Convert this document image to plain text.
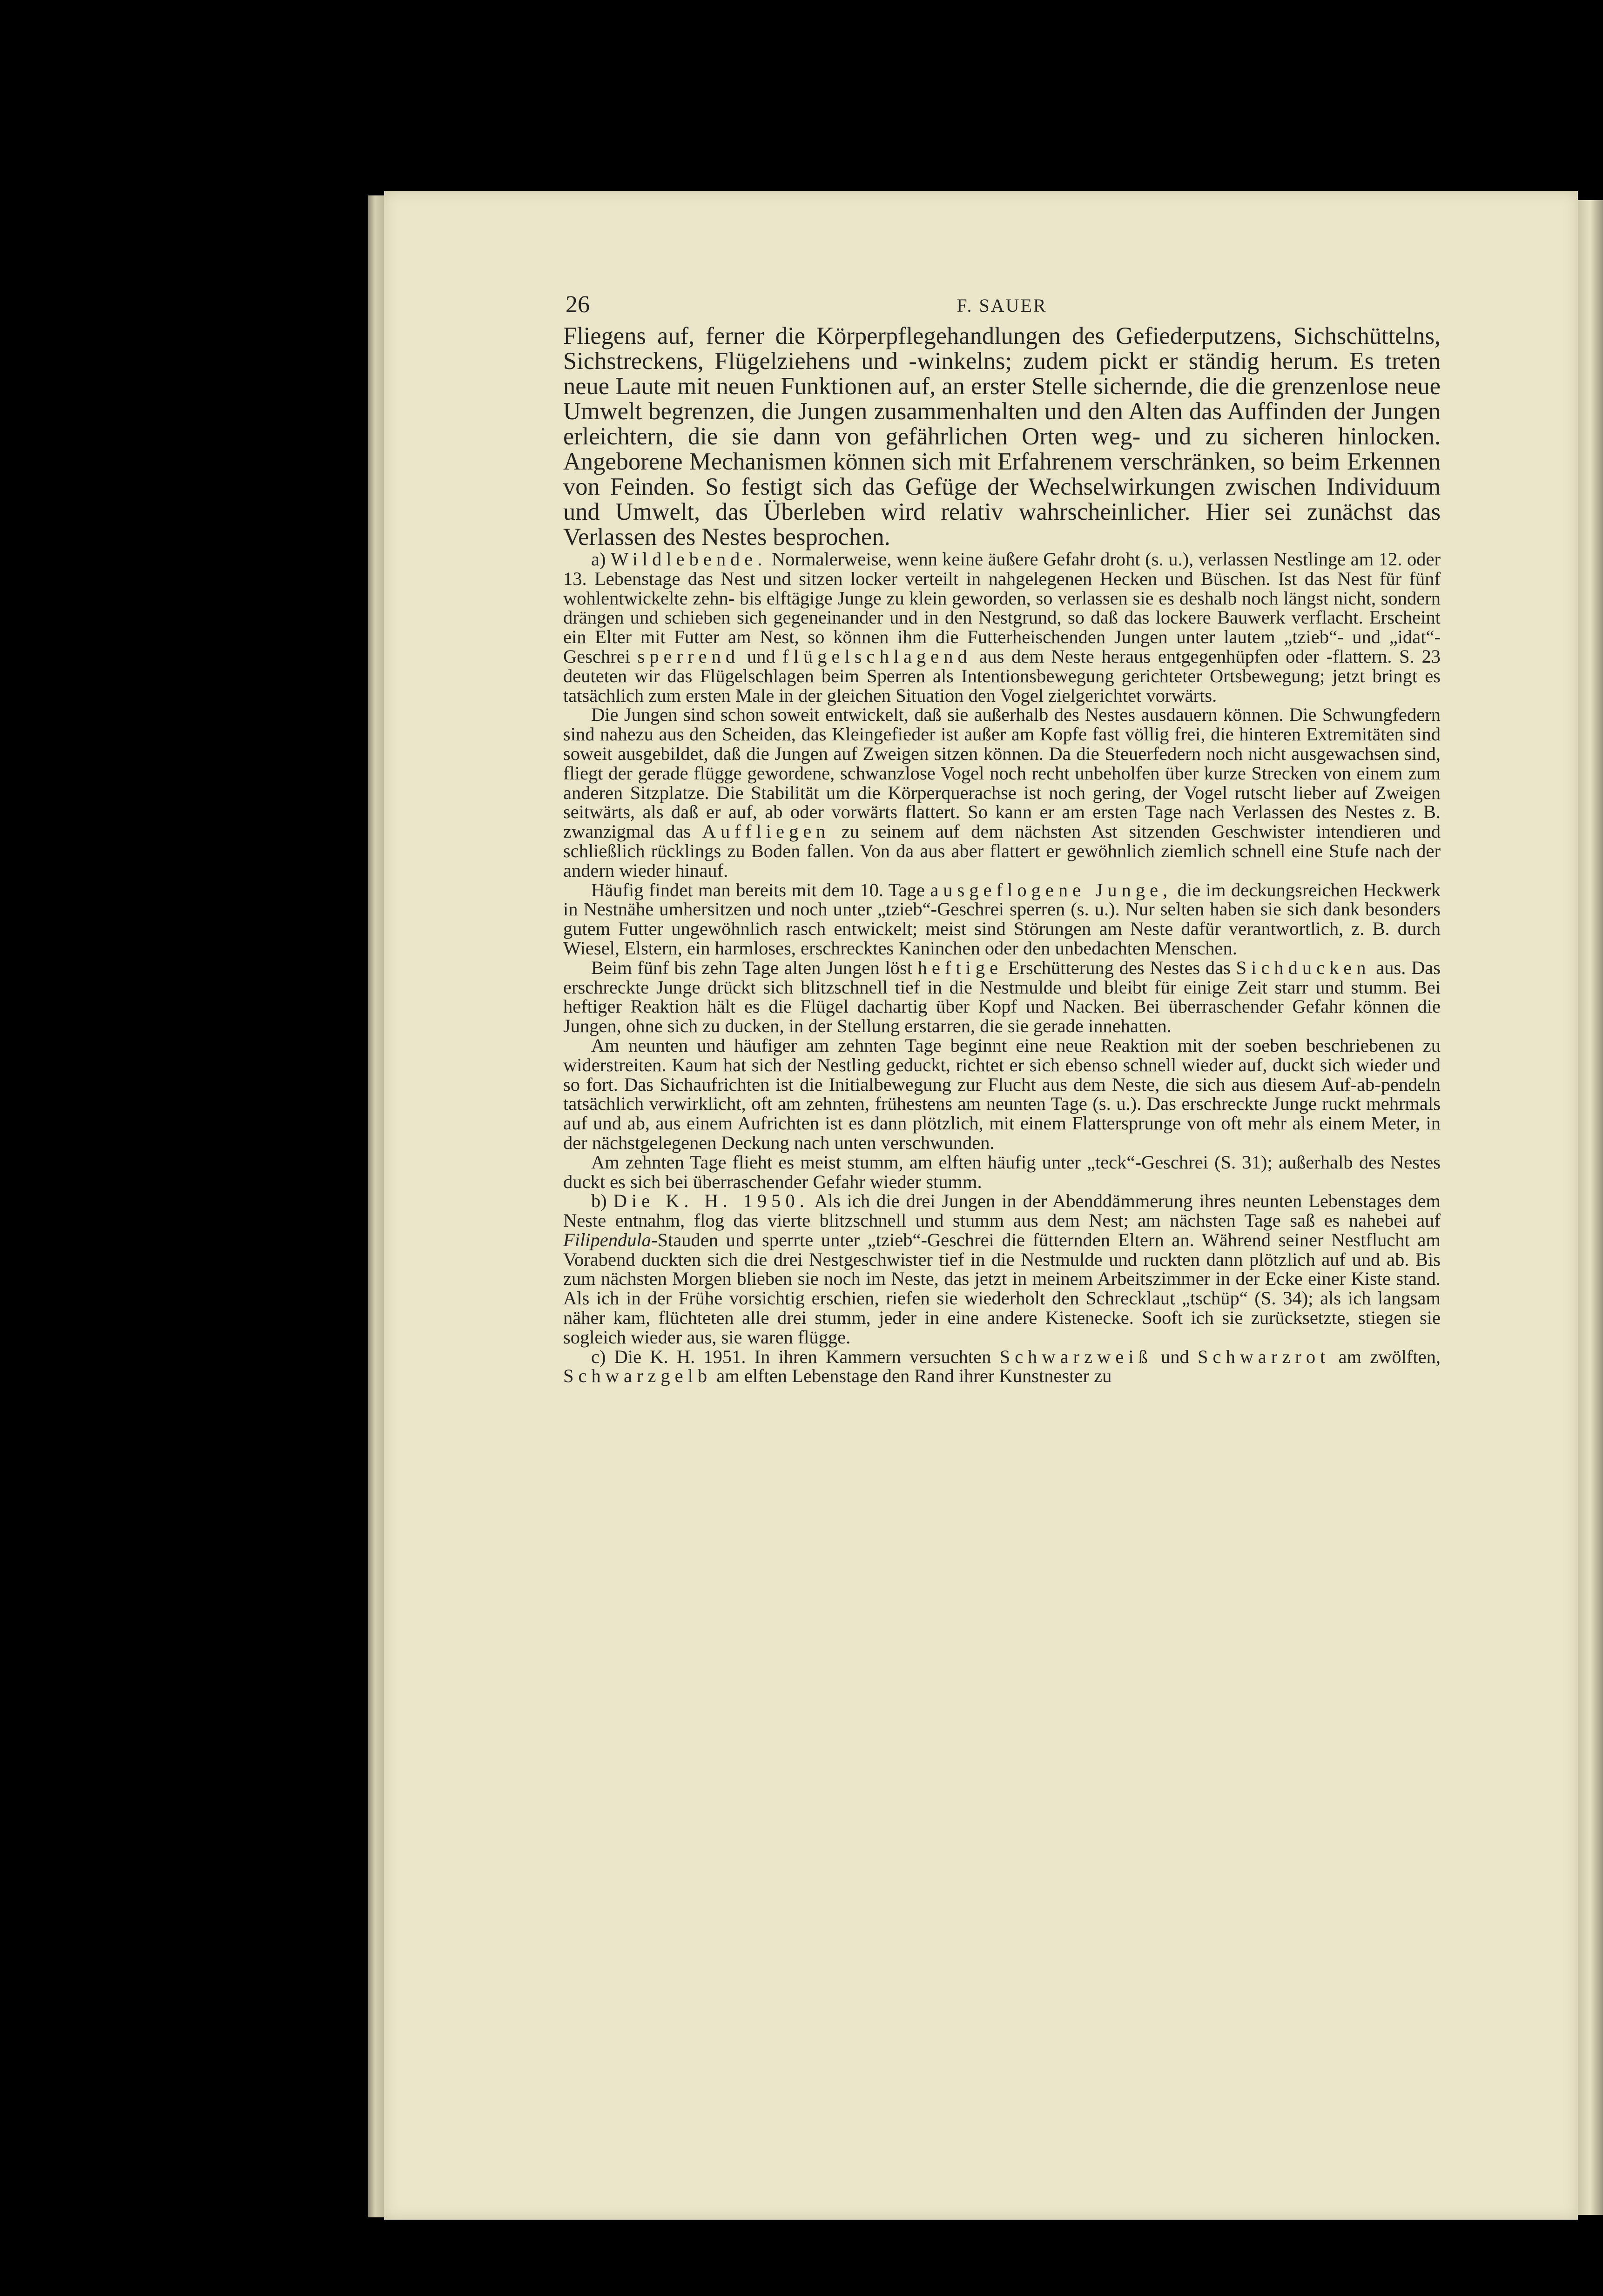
26	F. SAUER

Fliegens auf, ferner die Körperpflegehandlungen des Gefiederputzens, Sichschüttelns, Sichstreckens, Flügelziehens und -winkelns; zudem pickt er ständig herum. Es treten neue Laute mit neuen Funktionen auf, an erster Stelle sichernde, die die grenzenlose neue Umwelt begrenzen, die Jungen zusammenhalten und den Alten das Auffinden der Jungen erleichtern, die sie dann von gefährlichen Orten weg- und zu sicheren hinlocken. Angeborene Mechanismen können sich mit Erfahrenem verschränken, so beim Erkennen von Feinden. So festigt sich das Gefüge der Wechselwirkungen zwischen Individuum und Umwelt, das Überleben wird relativ wahrscheinlicher. Hier sei zunächst das Verlassen des Nestes besprochen.

a) Wildlebende. Normalerweise, wenn keine äußere Gefahr droht (s. u.), verlassen Nestlinge am 12. oder 13. Lebenstage das Nest und sitzen locker verteilt in nahgelegenen Hecken und Büschen. Ist das Nest für fünf wohlentwickelte zehn- bis elftägige Junge zu klein geworden, so verlassen sie es deshalb noch längst nicht, sondern drängen und schieben sich gegeneinander und in den Nestgrund, so daß das lockere Bauwerk verflacht. Erscheint ein Elter mit Futter am Nest, so können ihm die Futterheischenden Jungen unter lautem „tzieb“- und „idat“-Geschrei sperrend und flügelschlagend aus dem Neste heraus entgegenhüpfen oder -flattern. S. 23 deuteten wir das Flügelschlagen beim Sperren als Intentionsbewegung gerichteter Ortsbewegung; jetzt bringt es tatsächlich zum ersten Male in der gleichen Situation den Vogel zielgerichtet vorwärts.

Die Jungen sind schon soweit entwickelt, daß sie außerhalb des Nestes ausdauern können. Die Schwungfedern sind nahezu aus den Scheiden, das Kleingefieder ist außer am Kopfe fast völlig frei, die hinteren Extremitäten sind soweit ausgebildet, daß die Jungen auf Zweigen sitzen können. Da die Steuerfedern noch nicht ausgewachsen sind, fliegt der gerade flügge gewordene, schwanzlose Vogel noch recht unbeholfen über kurze Strecken von einem zum anderen Sitzplatze. Die Stabilität um die Körperquerachse ist noch gering, der Vogel rutscht lieber auf Zweigen seitwärts, als daß er auf, ab oder vorwärts flattert. So kann er am ersten Tage nach Verlassen des Nestes z. B. zwanzigmal das Auffliegen zu seinem auf dem nächsten Ast sitzenden Geschwister intendieren und schließlich rücklings zu Boden fallen. Von da aus aber flattert er gewöhnlich ziemlich schnell eine Stufe nach der andern wieder hinauf.

Häufig findet man bereits mit dem 10. Tage ausgeflogene Junge, die im deckungsreichen Heckwerk in Nestnähe umhersitzen und noch unter „tzieb“-Geschrei sperren (s. u.). Nur selten haben sie sich dank besonders gutem Futter ungewöhnlich rasch entwickelt; meist sind Störungen am Neste dafür verantwortlich, z. B. durch Wiesel, Elstern, ein harmloses, erschrecktes Kaninchen oder den unbedachten Menschen.

Beim fünf bis zehn Tage alten Jungen löst heftige Erschütterung des Nestes das Sichducken aus. Das erschreckte Junge drückt sich blitzschnell tief in die Nestmulde und bleibt für einige Zeit starr und stumm. Bei heftiger Reaktion hält es die Flügel dachartig über Kopf und Nacken. Bei überraschender Gefahr können die Jungen, ohne sich zu ducken, in der Stellung erstarren, die sie gerade innehatten.

Am neunten und häufiger am zehnten Tage beginnt eine neue Reaktion mit der soeben beschriebenen zu widerstreiten. Kaum hat sich der Nestling geduckt, richtet er sich ebenso schnell wieder auf, duckt sich wieder und so fort. Das Sichaufrichten ist die Initialbewegung zur Flucht aus dem Neste, die sich aus diesem Auf-ab-pendeln tatsächlich verwirklicht, oft am zehnten, frühestens am neunten Tage (s. u.). Das erschreckte Junge ruckt mehrmals auf und ab, aus einem Aufrichten ist es dann plötzlich, mit einem Flattersprunge von oft mehr als einem Meter, in der nächstgelegenen Deckung nach unten verschwunden.

Am zehnten Tage flieht es meist stumm, am elften häufig unter „teck“-Geschrei (S. 31); außerhalb des Nestes duckt es sich bei überraschender Gefahr wieder stumm.

b) Die K. H. 1950. Als ich die drei Jungen in der Abenddämmerung ihres neunten Lebenstages dem Neste entnahm, flog das vierte blitzschnell und stumm aus dem Nest; am nächsten Tage saß es nahebei auf Filipendula-Stauden und sperrte unter „tzieb“-Geschrei die fütternden Eltern an. Während seiner Nestflucht am Vorabend duckten sich die drei Nestgeschwister tief in die Nestmulde und ruckten dann plötzlich auf und ab. Bis zum nächsten Morgen blieben sie noch im Neste, das jetzt in meinem Arbeitszimmer in der Ecke einer Kiste stand. Als ich in der Frühe vorsichtig erschien, riefen sie wiederholt den Schrecklaut „tschüp“ (S. 34); als ich langsam näher kam, flüchteten alle drei stumm, jeder in eine andere Kistenecke. Sooft ich sie zurücksetzte, stiegen sie sogleich wieder aus, sie waren flügge.

c) Die K. H. 1951. In ihren Kammern versuchten Schwarzweiß und Schwarzrot am zwölften, Schwarzgelb am elften Lebenstage den Rand ihrer Kunstnester zu
